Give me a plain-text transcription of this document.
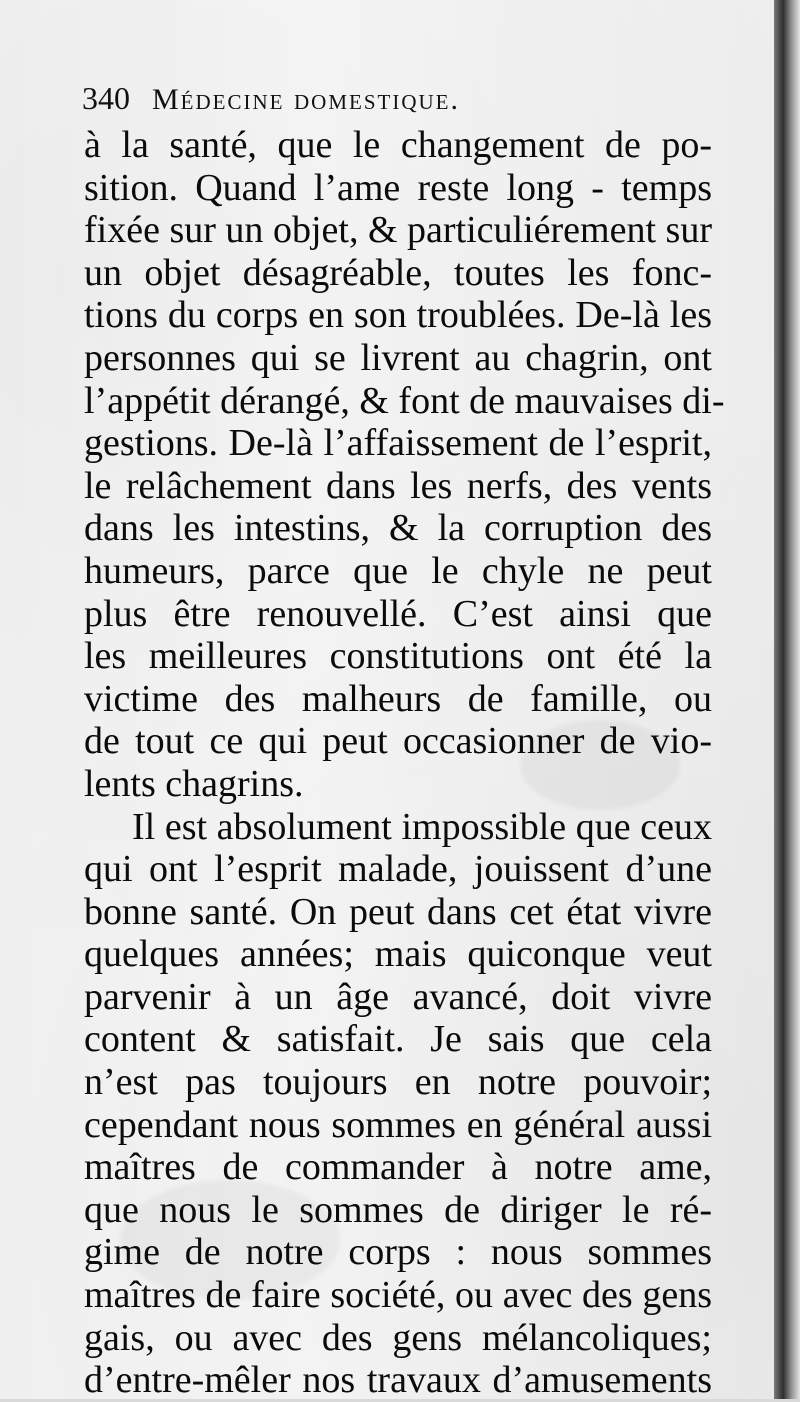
340 Médecine domestique.
à la santé, que le changement de po-
sition. Quand l’ame reste long - temps
fixée sur un objet, & particuliérement sur
un objet désagréable, toutes les fonc-
tions du corps en son troublées. De-là les
personnes qui se livrent au chagrin, ont
l’appétit dérangé, & font de mauvaises di-
gestions. De-là l’affaissement de l’esprit,
le relâchement dans les nerfs, des vents
dans les intestins, & la corruption des
humeurs, parce que le chyle ne peut
plus être renouvellé. C’est ainsi que
les meilleures constitutions ont été la
victime des malheurs de famille, ou
de tout ce qui peut occasionner de vio-
lents chagrins.
Il est absolument impossible que ceux
qui ont l’esprit malade, jouissent d’une
bonne santé. On peut dans cet état vivre
quelques années; mais quiconque veut
parvenir à un âge avancé, doit vivre
content & satisfait. Je sais que cela
n’est pas toujours en notre pouvoir;
cependant nous sommes en général aussi
maîtres de commander à notre ame,
que nous le sommes de diriger le ré-
gime de notre corps : nous sommes
maîtres de faire société, ou avec des gens
gais, ou avec des gens mélancoliques;
d’entre-mêler nos travaux d’amusements
